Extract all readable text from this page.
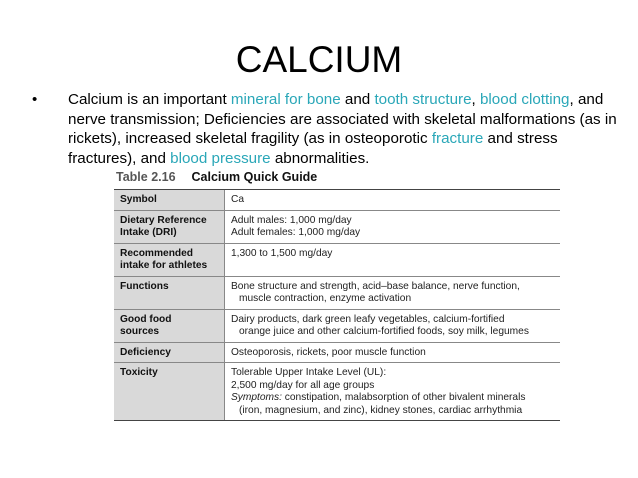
CALCIUM
• Calcium is an important mineral for bone and tooth structure, blood clotting, and nerve transmission; Deficiencies are associated with skeletal malformations (as in rickets), increased skeletal fragility (as in osteoporotic fracture and stress fractures), and blood pressure abnormalities.
Table 2.16 Calcium Quick Guide
Symbol	Ca

Dietary Reference
Intake (DRI)	Adult males: 1,000 mg/day
Adult females: 1,000 mg/day

Recommended
intake for athletes	1,300 to 1,500 mg/day

Functions	Bone structure and strength, acid–base balance, nerve function,
muscle contraction, enzyme activation

Good food
sources	Dairy products, dark green leafy vegetables, calcium-fortified
orange juice and other calcium-fortified foods, soy milk, legumes

Deficiency	Osteoporosis, rickets, poor muscle function

Toxicity	Tolerable Upper Intake Level (UL):
2,500 mg/day for all age groups
Symptoms: constipation, malabsorption of other bivalent minerals
(iron, magnesium, and zinc), kidney stones, cardiac arrhythmia
